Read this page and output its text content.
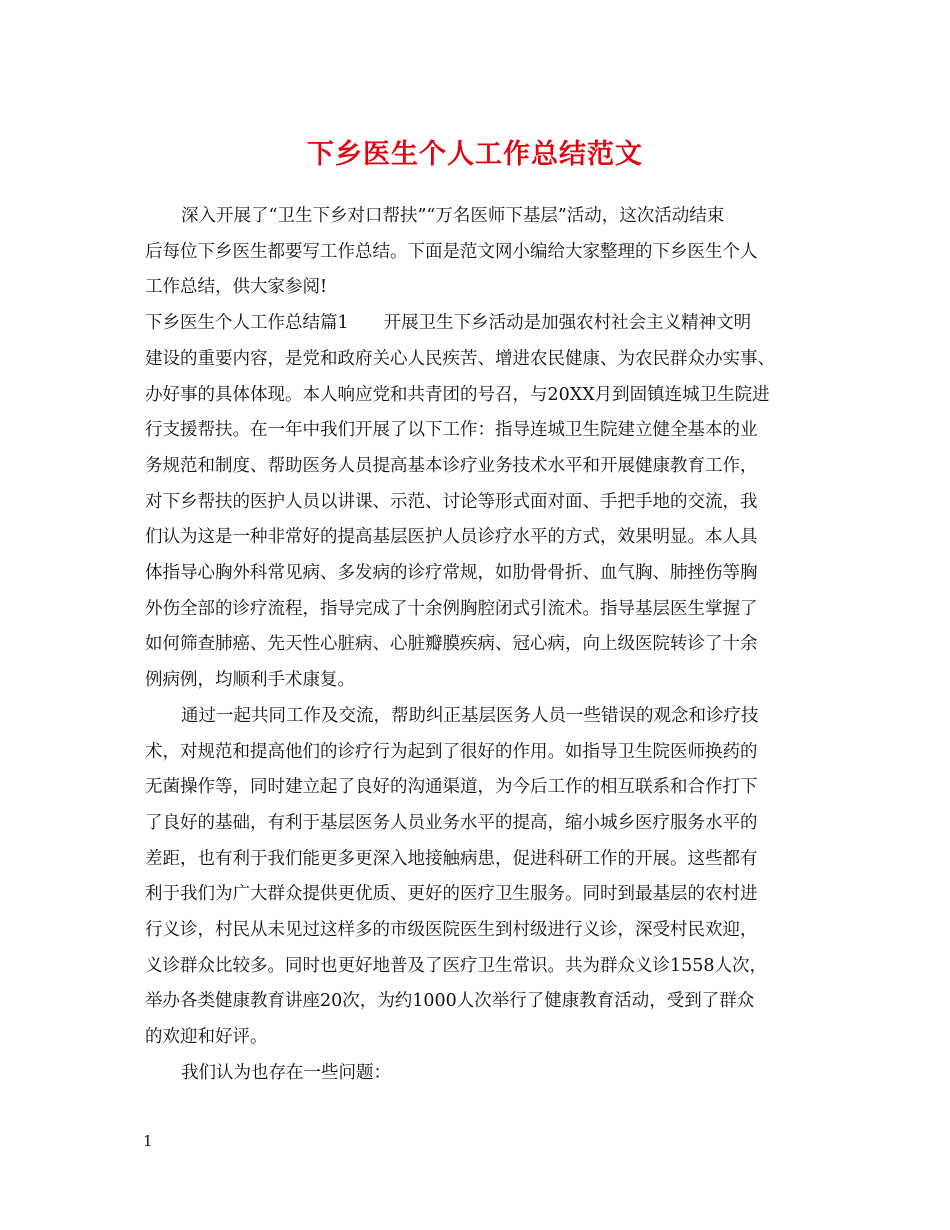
下乡医生个人工作总结范文

深入开展了“卫生下乡对口帮扶”“万名医师下基层”活动，这次活动结束

后每位下乡医生都要写工作总结。下面是范文网小编给大家整理的下乡医生个人

工作总结，供大家参阅!

下乡医生个人工作总结篇1　　开展卫生下乡活动是加强农村社会主义精神文明

建设的重要内容，是党和政府关心人民疾苦、增进农民健康、为农民群众办实事、

办好事的具体体现。本人响应党和共青团的号召，与20XX月到固镇连城卫生院进

行支援帮扶。在一年中我们开展了以下工作：指导连城卫生院建立健全基本的业

务规范和制度、帮助医务人员提高基本诊疗业务技术水平和开展健康教育工作，

对下乡帮扶的医护人员以讲课、示范、讨论等形式面对面、手把手地的交流，我

们认为这是一种非常好的提高基层医护人员诊疗水平的方式，效果明显。本人具

体指导心胸外科常见病、多发病的诊疗常规，如肋骨骨折、血气胸、肺挫伤等胸

外伤全部的诊疗流程，指导完成了十余例胸腔闭式引流术。指导基层医生掌握了

如何筛查肺癌、先天性心脏病、心脏瓣膜疾病、冠心病，向上级医院转诊了十余

例病例，均顺利手术康复。

通过一起共同工作及交流，帮助纠正基层医务人员一些错误的观念和诊疗技

术，对规范和提高他们的诊疗行为起到了很好的作用。如指导卫生院医师换药的

无菌操作等，同时建立起了良好的沟通渠道，为今后工作的相互联系和合作打下

了良好的基础，有利于基层医务人员业务水平的提高，缩小城乡医疗服务水平的

差距，也有利于我们能更多更深入地接触病患，促进科研工作的开展。这些都有

利于我们为广大群众提供更优质、更好的医疗卫生服务。同时到最基层的农村进

行义诊，村民从未见过这样多的市级医院医生到村级进行义诊，深受村民欢迎，

义诊群众比较多。同时也更好地普及了医疗卫生常识。共为群众义诊1558人次，

举办各类健康教育讲座20次，为约1000人次举行了健康教育活动，受到了群众

的欢迎和好评。

我们认为也存在一些问题：

1
